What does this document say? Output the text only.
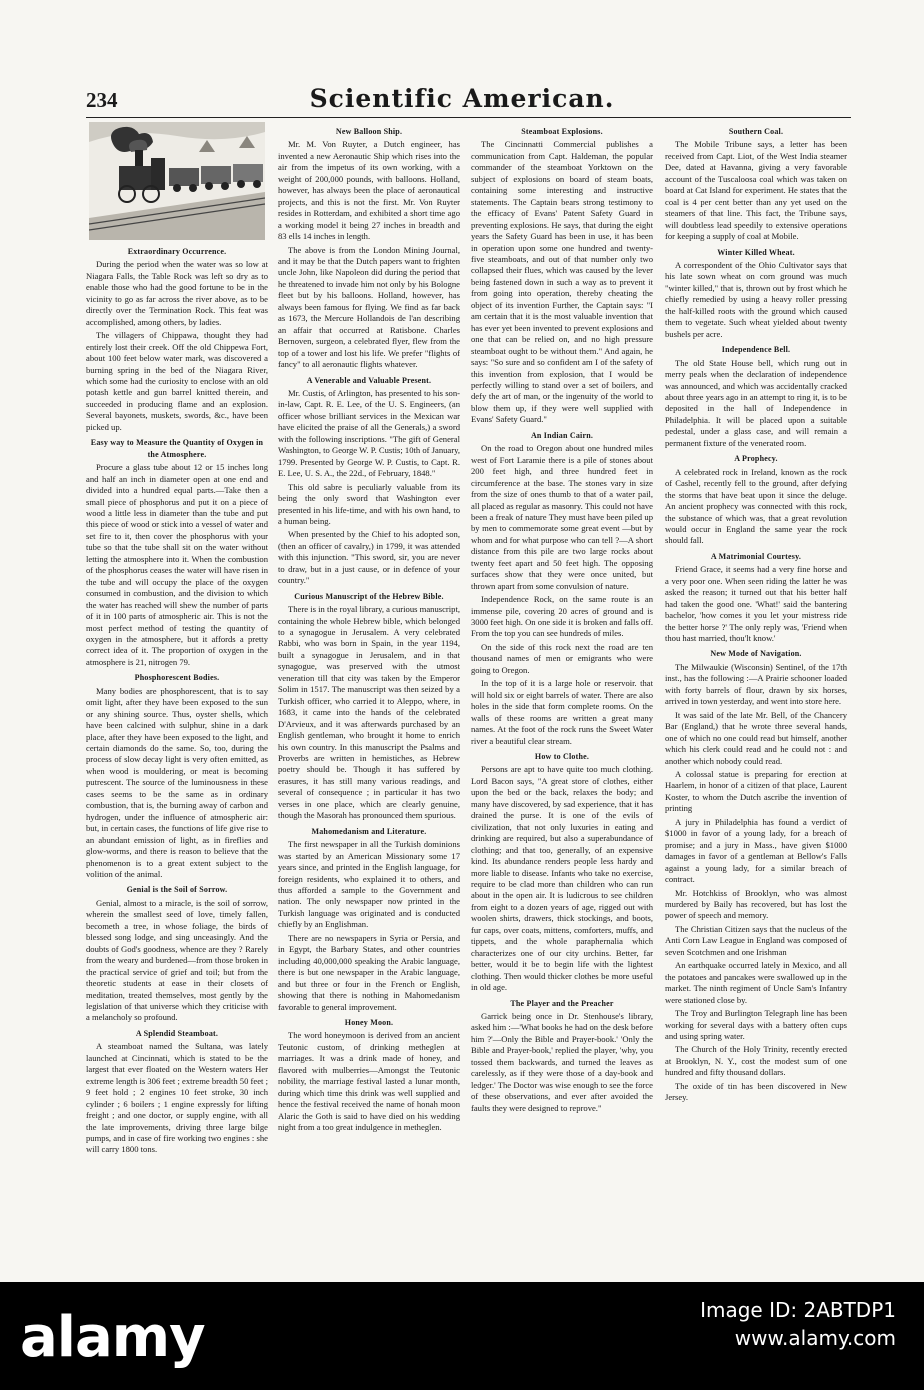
234	Scientific American.
Extraordinary Occurrence.

During the period when the water was so low at Niagara Falls, the Table Rock was left so dry as to enable those who had the good fortune to be in the vicinity to go as far across the river above, as to be directly over the Termination Rock. This feat was accomplished, among others, by ladies.

The villagers of Chippawa, thought they had entirely lost their creek. Off the old Chippewa Fort, about 100 feet below water mark, was discovered a burning spring in the bed of the Niagara River, which some had the curiosity to enclose with an old potash kettle and gun barrel knitted therein, and succeeded in producing flame and an explosion. Several bayonets, muskets, swords, &c., have been picked up.

Easy way to Measure the Quantity of Oxygen in the Atmosphere.

Procure a glass tube about 12 or 15 inches long and half an inch in diameter open at one end and divided into a hundred equal parts.—Take then a small piece of phosphorus and put it on a piece of wood a little less in diameter than the tube and put this piece of wood or stick into a vessel of water and set fire to it, then cover the phosphorus with your tube so that the tube shall sit on the water without letting the atmosphere into it. When the combustion of the phosphorus ceases the water will have risen in the tube and will occupy the place of the oxygen consumed in combustion, and the division to which the water has reached will shew the number of parts of it in 100 parts of atmospheric air. This is not the most perfect method of testing the quantity of oxygen in the atmosphere, but it affords a pretty correct idea of it. The proportion of oxygen in the atmosphere is 21, nitrogen 79.

Phosphorescent Bodies.

Many bodies are phosphorescent, that is to say omit light, after they have been exposed to the sun or any shining source. Thus, oyster shells, which have been calcined with sulphur, shine in a dark place, after they have been exposed to the light, and certain diamonds do the same. So, too, during the process of slow decay light is very often emitted, as when wood is mouldering, or meat is becoming putrescent. The source of the luminousness in these cases seems to be the same as in ordinary combustion, that is, the burning away of carbon and hydrogen, under the influence of atmospheric air: but, in certain cases, the functions of life give rise to an abundant emission of light, as in fireflies and glow-worms, and there is reason to believe that the phenomenon is to a great extent subject to the volition of the animal.

Genial is the Soil of Sorrow.

Genial, almost to a miracle, is the soil of sorrow, wherein the smallest seed of love, timely fallen, becometh a tree, in whose foliage, the birds of blessed song lodge, and sing unceasingly. And the doubts of God's goodness, whence are they ? Rarely from the weary and burdened—from those broken in the practical service of grief and toil; but from the theoretic students at ease in their closets of meditation, treated themselves, most gently by the legislation of that universe which they criticise with a melancholy so profound.

A Splendid Steamboat.

A steamboat named the Sultana, was lately launched at Cincinnati, which is stated to be the largest that ever floated on the Western waters Her extreme length is 306 feet ; extreme breadth 50 feet ; 9 feet hold ; 2 engines 10 feet stroke, 30 inch cylinder ; 6 boilers ; 1 engine expressly for lifting freight ; and one doctor, or supply engine, with all the late improvements, driving three large bilge pumps, and in case of fire working two engines : she will carry 1800 tons.

New Balloon Ship.

Mr. M. Von Ruyter, a Dutch engineer, has invented a new Aeronautic Ship which rises into the air from the impetus of its own working, with a weight of 200,000 pounds, with balloons. Holland, however, has always been the place of aeronautical projects, and this is not the first. Mr. Von Ruyter resides in Rotterdam, and exhibited a short time ago a working model it being 27 inches in breadth and 83 ells 14 inches in length.

The above is from the London Mining Journal, and it may be that the Dutch papers want to frighten uncle John, like Napoleon did during the period that he threatened to invade him not only by his Bologne fleet but by his balloons. Holland, however, has always been famous for flying. We find as far back as 1673, the Mercure Hollandois de l'an describing an affair that occurred at Ratisbone. Charles Bernoven, surgeon, a celebrated flyer, flew from the top of a tower and lost his life. We prefer "flights of fancy" to all aeronautic flights whatever.

A Venerable and Valuable Present.

Mr. Custis, of Arlington, has presented to his son-in-law, Capt. R. E. Lee, of the U. S. Engineers, (an officer whose brilliant services in the Mexican war have elicited the praise of all the Generals,) a sword with the following inscriptions. "The gift of General Washington, to George W. P. Custis; 10th of January, 1799. Presented by George W. P. Custis, to Capt. R. E. Lee, U. S. A., the 22d., of February, 1848."

This old sabre is peculiarly valuable from its being the only sword that Washington ever presented in his life-time, and with his own hand, to a human being.

When presented by the Chief to his adopted son, (then an officer of cavalry,) in 1799, it was attended with this injunction. "This sword, sir, you are never to draw, but in a just cause, or in defence of your country."

Curious Manuscript of the Hebrew Bible.

There is in the royal library, a curious manuscript, containing the whole Hebrew bible, which belonged to a synagogue in Jerusalem. A very celebrated Rabbi, who was born in Spain, in the year 1194, built a synagogue in Jerusalem, and in that synagogue, was preserved with the utmost veneration till that city was taken by the Emperor Solim in 1517. The manuscript was then seized by a Turkish officer, who carried it to Aleppo, where, in 1683, it came into the hands of the celebrated D'Arvieux, and it was afterwards purchased by an English gentleman, who brought it home to enrich his own country. In this manuscript the Psalms and Proverbs are written in hemistiches, as Hebrew poetry should be. Though it has suffered by erasures, it has still many various readings, and several of consequence ; in particular it has two verses in one place, which are clearly genuine, though the Masorah has pronounced them spurious.

Mahomedanism and Literature.

The first newspaper in all the Turkish dominions was started by an American Missionary some 17 years since, and printed in the English language, for foreign residents, who explained it to others, and thus afforded a sample to the Government and nation. The only newspaper now printed in the Turkish language was originated and is conducted chiefly by an Englishman.

There are no newspapers in Syria or Persia, and in Egypt, the Barbary States, and other countries including 40,000,000 speaking the Arabic language, there is but one newspaper in the Arabic language, and but three or four in the French or English, showing that there is nothing in Mahomedanism favorable to general improvement.

Honey Moon.

The word honeymoon is derived from an ancient Teutonic custom, of drinking metheglen at marriages. It was a drink made of honey, and flavored with mulberries—Amongst the Teutonic nobility, the marriage festival lasted a lunar month, during which time this drink was well supplied and hence the festival received the name of honah moon Alaric the Goth is said to have died on his wedding night from a too great indulgence in metheglen.

Steamboat Explosions.

The Cincinnatti Commercial publishes a communication from Capt. Haldeman, the popular commander of the steamboat Yorktown on the subject of explosions on board of steam boats, containing some interesting and instructive statements. The Captain bears strong testimony to the efficacy of Evans' Patent Safety Guard in preventing explosions. He says, that during the eight years the Safety Guard has been in use, it has been in operation upon some one hundred and twenty-five steamboats, and out of that number only two collapsed their flues, which was caused by the lever being fastened down in such a way as to prevent it from going into operation, thereby cheating the object of its invention Further, the Captain says: "I am certain that it is the most valuable invention that has ever yet been invented to prevent explosions and one that can be relied on, and no high pressure steamboat ought to be without them." And again, he says: "So sure and so confident am I of the safety of this invention from explosion, that I would be perfectly willing to stand over a set of boilers, and defy the art of man, or the ingenuity of the world to blow them up, if they were well supplied with Evans' Safety Guard."

An Indian Cairn.

On the road to Oregon about one hundred miles west of Fort Laramie there is a pile of stones about 200 feet high, and three hundred feet in circumference at the base. The stones vary in size from the size of ones thumb to that of a water pail, all placed as regular as masonry. This could not have been a freak of nature They must have been piled up by men to commemorate some great event —but by whom and for what purpose who can tell ?—A short distance from this pile are two large rocks about twenty feet apart and 50 feet high. The opposing surfaces show that they were once united, but thrown apart from some convulsion of nature.

Independence Rock, on the same route is an immense pile, covering 20 acres of ground and is 3000 feet high. On one side it is broken and falls off. From the top you can see hundreds of miles.

On the side of this rock next the road are ten thousand names of men or emigrants who were going to Oregon.

In the top of it is a large hole or reservoir. that will hold six or eight barrels of water. There are also holes in the side that form complete rooms. On the walls of these rooms are written a great many names. At the foot of the rock runs the Sweet Water river a beautiful clear stream.

How to Clothe.

Persons are apt to have quite too much clothing. Lord Bacon says, "A great store of clothes, either upon the bed or the back, relaxes the body; and many have discovered, by sad experience, that it has drained the purse. It is one of the evils of civilization, that not only luxuries in eating and drinking are required, but also a superabundance of clothing; and that too, generally, of an expensive kind. Its abundance renders people less hardy and more liable to disease. Infants who take no exercise, require to be clad more than children who can run about in the open air. It is ludicrous to see children from eight to a dozen years of age, rigged out with woolen shirts, drawers, thick stockings, and boots, fur caps, over coats, mittens, comforters, muffs, and tippets, and the whole paraphernalia which characterizes one of our city urchins. Better, far better, would it be to begin life with the lightest clothing. Then would thicker clothes be more useful in old age.

The Player and the Preacher

Garrick being once in Dr. Stenhouse's library, asked him :—'What books he had on the desk before him ?'—Only the Bible and Prayer-book.' 'Only the Bible and Prayer-book,' replied the player, 'why, you tossed them backwards, and turned the leaves as carelessly, as if they were those of a day-book and ledger.' The Doctor was wise enough to see the force of these observations, and ever after avoided the faults they were designed to reprove."

Southern Coal.

The Mobile Tribune says, a letter has been received from Capt. Liot, of the West India steamer Dee, dated at Havanna, giving a very favorable account of the Tuscaloosa coal which was taken on board at Cat Island for experiment. He states that the coal is 4 per cent better than any yet used on the steamers of that line. This fact, the Tribune says, will doubtless lead speedily to extensive operations for keeping a supply of coal at Mobile.

Winter Killed Wheat.

A correspondent of the Ohio Cultivator says that his late sown wheat on corn ground was much "winter killed," that is, thrown out by frost which he chiefly remedied by using a heavy roller pressing the half-killed roots with the ground which caused them to vegetate. Such wheat yielded about twenty bushels per acre.

Independence Bell.

The old State House bell, which rung out in merry peals when the declaration of independence was announced, and which was accidentally cracked about three years ago in an attempt to ring it, is to be deposited in the hall of Independence in Philadelphia. It will be placed upon a suitable pedestal, under a glass case, and will remain a permanent fixture of the venerated room.

A Prophecy.

A celebrated rock in Ireland, known as the rock of Cashel, recently fell to the ground, after defying the storms that have beat upon it since the deluge. An ancient prophecy was connected with this rock, the substance of which was, that a great revolution would occur in England the same year the rock should fall.

A Matrimonial Courtesy.

Friend Grace, it seems had a very fine horse and a very poor one. When seen riding the latter he was asked the reason; it turned out that his better half had taken the good one. 'What!' said the bantering bachelor, 'how comes it you let your mistress ride the better horse ?' The only reply was, 'Friend when thou hast married, thou'lt know.'

New Mode of Navigation.

The Milwaukie (Wisconsin) Sentinel, of the 17th inst., has the following :—A Prairie schooner loaded with forty barrels of flour, drawn by six horses, arrived in town yesterday, and went into store here.

It was said of the late Mr. Bell, of the Chancery Bar (England,) that he wrote three several hands, one of which no one could read but himself, another which his clerk could read and he could not : and another which nobody could read.

A colossal statue is preparing for erection at Haarlem, in honor of a citizen of that place, Laurent Koster, to whom the Dutch ascribe the invention of printing

A jury in Philadelphia has found a verdict of $1000 in favor of a young lady, for a breach of promise; and a jury in Mass., have given $1000 damages in favor of a gentleman at Bellow's Falls against a young lady, for a similar breach of contract.

Mr. Hotchkiss of Brooklyn, who was almost murdered by Baily has recovered, but has lost the power of speech and memory.

The Christian Citizen says that the nucleus of the Anti Corn Law League in England was composed of seven Scotchmen and one Irishman

An earthquake occurred lately in Mexico, and all the potatoes and pancakes were swallowed up in the market. The ninth regiment of Uncle Sam's Infantry were stationed close by.

The Troy and Burlington Telegraph line has been working for several days with a battery often cups and using spring water.

The Church of the Holy Trinity, recently erected at Brooklyn, N. Y., cost the modest sum of one hundred and fifty thousand dollars.

The oxide of tin has been discovered in New Jersey.

alamy	Image ID: 2ABTDP1
www.alamy.com
